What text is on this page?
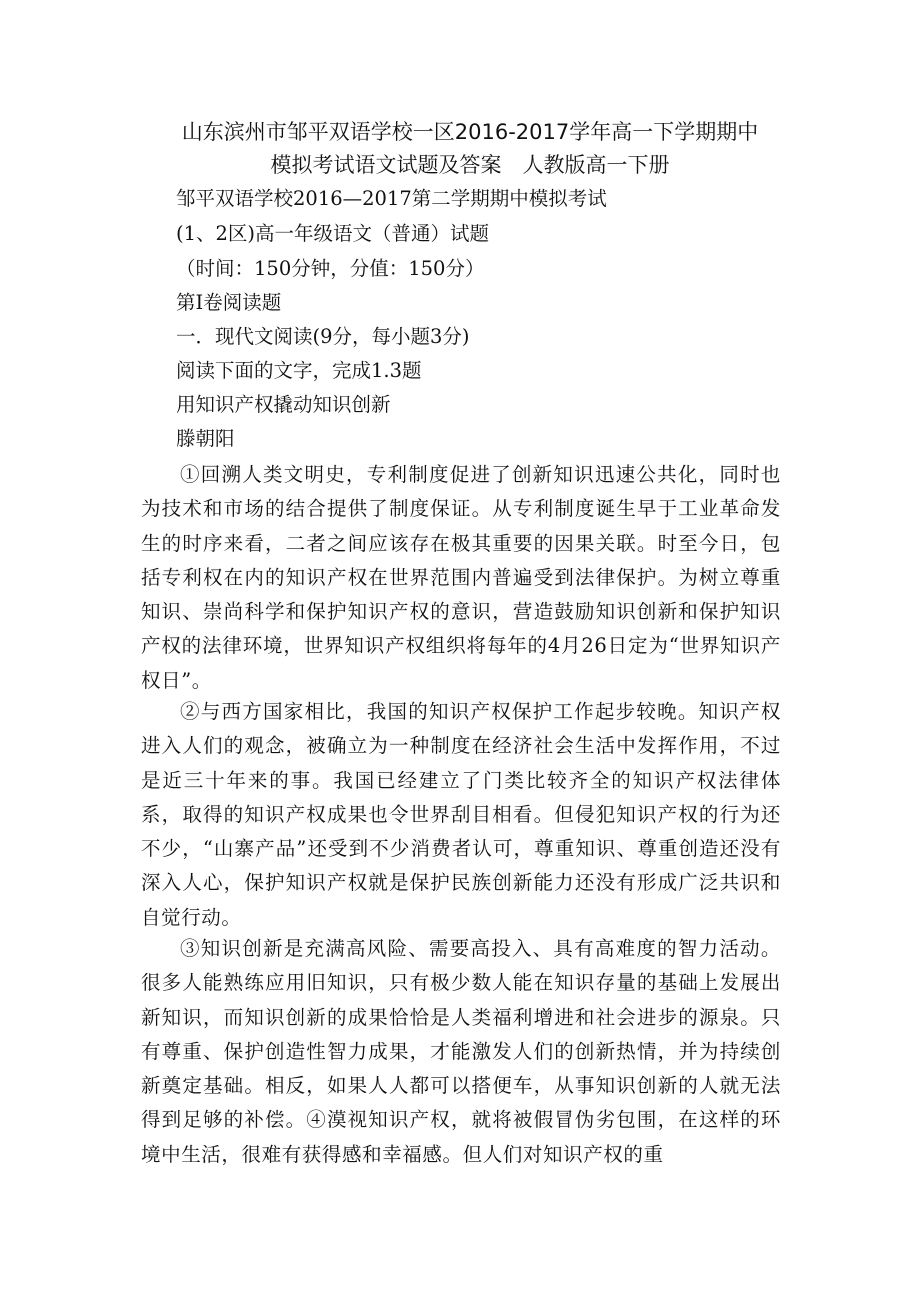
山东滨州市邹平双语学校一区2016-2017学年高一下学期期中
模拟考试语文试题及答案　人教版高一下册
邹平双语学校2016—2017第二学期期中模拟考试
(1、2区)高一年级语文（普通）试题
（时间：150分钟，分值：150分）
第Ⅰ卷阅读题
一．现代文阅读(9分，每小题3分)
阅读下面的文字，完成1.3题
用知识产权撬动知识创新
滕朝阳

①回溯人类文明史，专利制度促进了创新知识迅速公共化，同时也为技术和市场的结合提供了制度保证。从专利制度诞生早于工业革命发生的时序来看，二者之间应该存在极其重要的因果关联。时至今日，包括专利权在内的知识产权在世界范围内普遍受到法律保护。为树立尊重知识、崇尚科学和保护知识产权的意识，营造鼓励知识创新和保护知识产权的法律环境，世界知识产权组织将每年的4月26日定为“世界知识产权日”。

②与西方国家相比，我国的知识产权保护工作起步较晚。知识产权进入人们的观念，被确立为一种制度在经济社会生活中发挥作用，不过是近三十年来的事。我国已经建立了门类比较齐全的知识产权法律体系，取得的知识产权成果也令世界刮目相看。但侵犯知识产权的行为还不少，“山寨产品”还受到不少消费者认可，尊重知识、尊重创造还没有深入人心，保护知识产权就是保护民族创新能力还没有形成广泛共识和自觉行动。

③知识创新是充满高风险、需要高投入、具有高难度的智力活动。很多人能熟练应用旧知识，只有极少数人能在知识存量的基础上发展出新知识，而知识创新的成果恰恰是人类福利增进和社会进步的源泉。只有尊重、保护创造性智力成果，才能激发人们的创新热情，并为持续创新奠定基础。相反，如果人人都可以搭便车，从事知识创新的人就无法得到足够的补偿。④漠视知识产权，就将被假冒伪劣包围，在这样的环境中生活，很难有获得感和幸福感。但人们对知识产权的重
